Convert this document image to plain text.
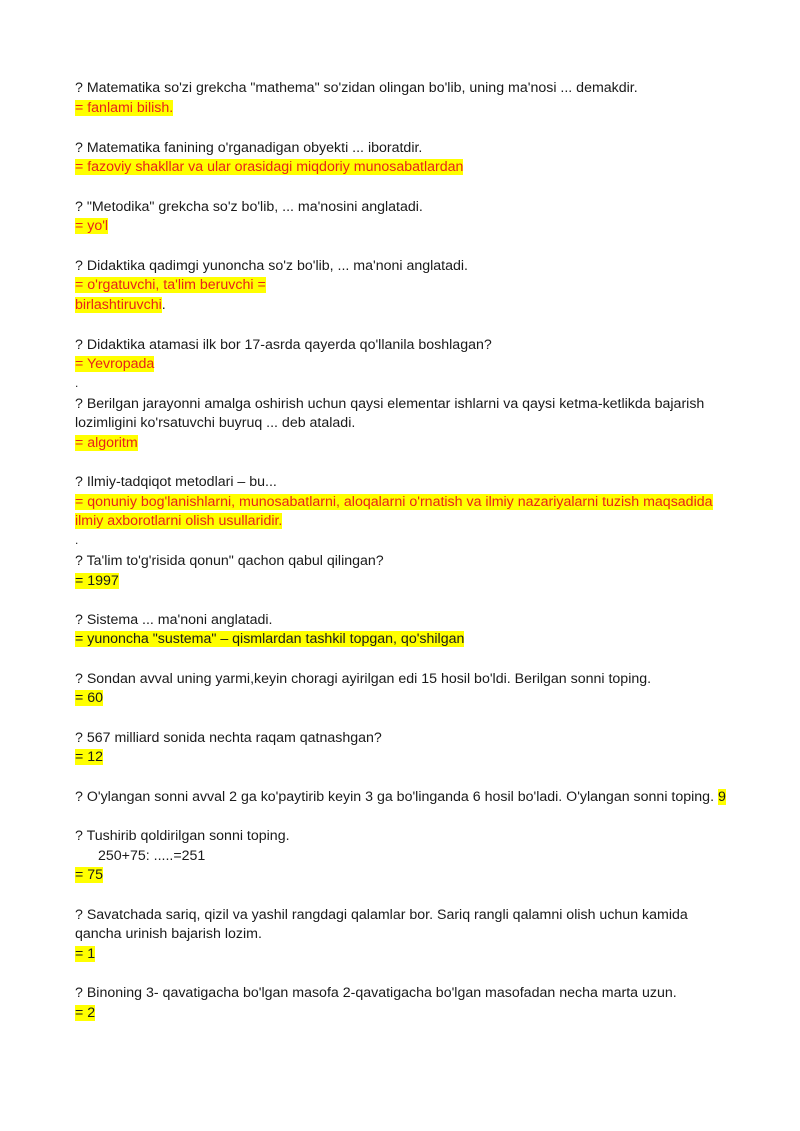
? Matematika so'zi grekcha "mathema" so'zidan olingan bo'lib, uning ma'nosi ... demakdir.
= fanlami bilish.
? Matematika fanining o'rganadigan obyekti ... iboratdir.
= fazoviy shakllar va ular orasidagi miqdoriy munosabatlardan
? "Metodika" grekcha so'z bo'lib, ... ma'nosini anglatadi.
= yo'l
? Didaktika qadimgi yunoncha so'z bo'lib, ... ma'noni anglatadi.
= o'rgatuvchi, ta'lim beruvchi =
birlashtiruvchi.
? Didaktika atamasi ilk bor 17-asrda qayerda qo'llanila boshlagan?
= Yevropada
.
? Berilgan jarayonni amalga oshirish uchun qaysi elementar ishlarni va qaysi ketma-ketlikda bajarish
lozimligini ko'rsatuvchi buyruq ... deb ataladi.
= algoritm
? Ilmiy-tadqiqot metodlari – bu...
= qonuniy bog'lanishlarni, munosabatlarni, aloqalarni o'rnatish va ilmiy nazariyalarni tuzish maqsadida
ilmiy axborotlarni olish usullaridir.
.
? Ta'lim to'g'risida qonun" qachon qabul qilingan?
= 1997
? Sistema ... ma'noni anglatadi.
= yunoncha "sustema" – qismlardan tashkil topgan, qo'shilgan
? Sondan avval uning yarmi,keyin choragi ayirilgan edi 15 hosil bo'ldi. Berilgan sonni toping.
= 60
? 567 milliard sonida nechta raqam qatnashgan?
= 12
? O'ylangan sonni avval 2 ga ko'paytirib keyin 3 ga bo'linganda 6 hosil bo'ladi. O'ylangan sonni toping. 9
? Tushirib qoldirilgan sonni toping.
250+75: .....=251
= 75
? Savatchada sariq, qizil va yashil rangdagi qalamlar bor. Sariq rangli qalamni olish uchun kamida
qancha urinish bajarish lozim.
= 1
? Binoning 3- qavatigacha bo'lgan masofa 2-qavatigacha bo'lgan masofadan necha marta uzun.
= 2
